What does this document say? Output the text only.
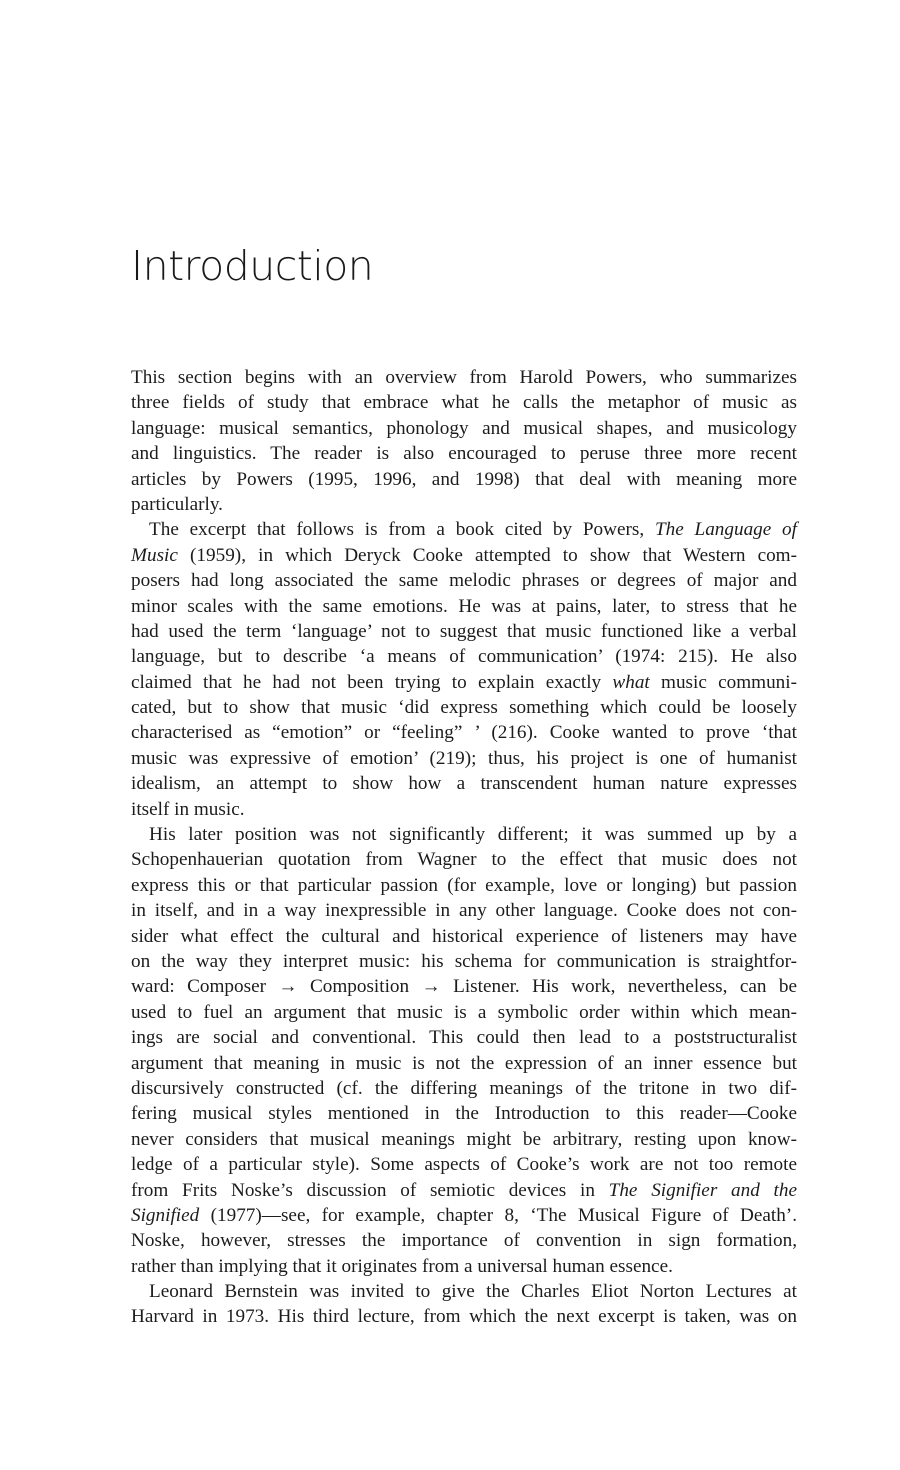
Introduction
This section begins with an overview from Harold Powers, who summarizes
three fields of study that embrace what he calls the metaphor of music as
language: musical semantics, phonology and musical shapes, and musicology
and linguistics. The reader is also encouraged to peruse three more recent
articles by Powers (1995, 1996, and 1998) that deal with meaning more
particularly.
The excerpt that follows is from a book cited by Powers, The Language of
Music (1959), in which Deryck Cooke attempted to show that Western com-
posers had long associated the same melodic phrases or degrees of major and
minor scales with the same emotions. He was at pains, later, to stress that he
had used the term ‘language’ not to suggest that music functioned like a verbal
language, but to describe ‘a means of communication’ (1974: 215). He also
claimed that he had not been trying to explain exactly what music communi-
cated, but to show that music ‘did express something which could be loosely
characterised as “emotion” or “feeling” ’ (216). Cooke wanted to prove ‘that
music was expressive of emotion’ (219); thus, his project is one of humanist
idealism, an attempt to show how a transcendent human nature expresses
itself in music.
His later position was not significantly different; it was summed up by a
Schopenhauerian quotation from Wagner to the effect that music does not
express this or that particular passion (for example, love or longing) but passion
in itself, and in a way inexpressible in any other language. Cooke does not con-
sider what effect the cultural and historical experience of listeners may have
on the way they interpret music: his schema for communication is straightfor-
ward: Composer → Composition → Listener. His work, nevertheless, can be
used to fuel an argument that music is a symbolic order within which mean-
ings are social and conventional. This could then lead to a poststructuralist
argument that meaning in music is not the expression of an inner essence but
discursively constructed (cf. the differing meanings of the tritone in two dif-
fering musical styles mentioned in the Introduction to this reader—Cooke
never considers that musical meanings might be arbitrary, resting upon know-
ledge of a particular style). Some aspects of Cooke’s work are not too remote
from Frits Noske’s discussion of semiotic devices in The Signifier and the
Signified (1977)—see, for example, chapter 8, ‘The Musical Figure of Death’.
Noske, however, stresses the importance of convention in sign formation,
rather than implying that it originates from a universal human essence.
Leonard Bernstein was invited to give the Charles Eliot Norton Lectures at
Harvard in 1973. His third lecture, from which the next excerpt is taken, was on
